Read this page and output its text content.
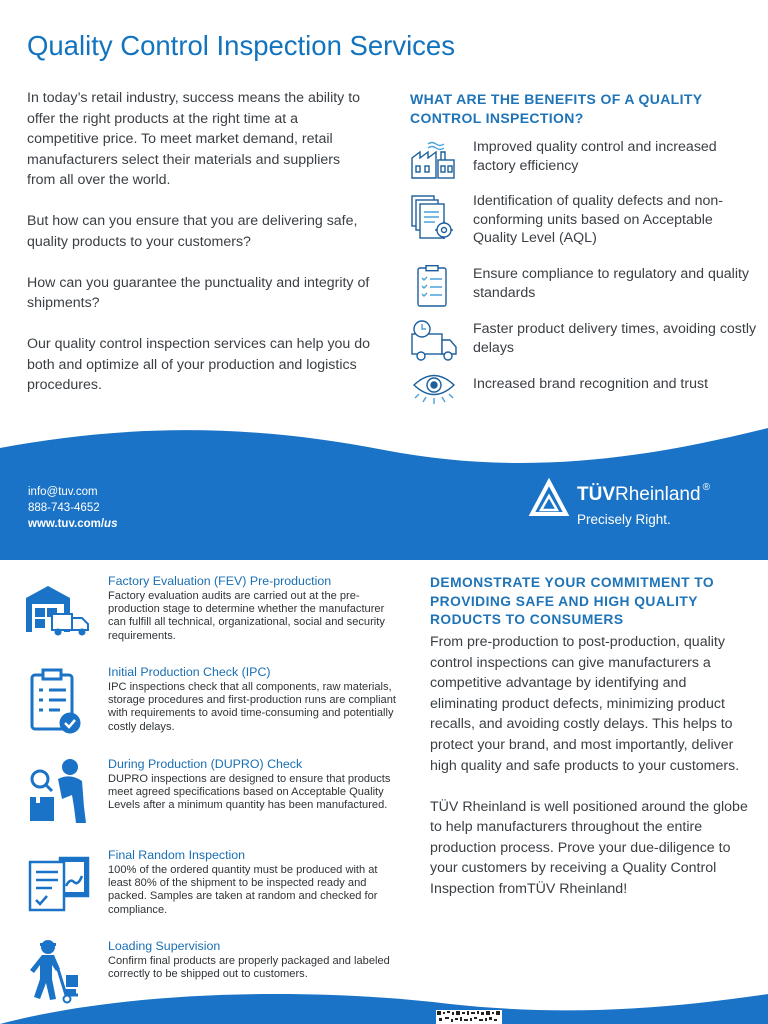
Quality Control Inspection Services

In today’s retail industry, success means the ability to offer the right products at the right time at a competitive price. To meet market demand, retail manufacturers select their materials and suppliers from all over the world.

But how can you ensure that you are delivering safe, quality products to your customers?

How can you guarantee the punctuality and integrity of shipments?

Our quality control inspection services can help you do both and optimize all of your production and logistics procedures.

WHAT ARE THE BENEFITS OF A QUALITY CONTROL INSPECTION?
Improved quality control and increased factory efficiency
Identification of quality defects and non-conforming units based on Acceptable Quality Level (AQL)
Ensure compliance to regulatory and quality standards
Faster product delivery times, avoiding costly delays
Increased brand recognition and trust
info@tuv.com
888-743-4652
www.tuv.com/us
TÜVRheinland ®
Precisely Right.
Factory Evaluation (FEV) Pre-production
Factory evaluation audits are carried out at the pre-production stage to determine whether the manufacturer can fulfill all technical, organizational, social and security requirements.
Initial Production Check (IPC)
IPC inspections check that all components, raw materials, storage procedures and first-production runs are compliant with requirements to avoid time-consuming and potentially costly delays.
During Production (DUPRO) Check
DUPRO inspections are designed to ensure that products meet agreed specifications based on Acceptable Quality Levels after a minimum quantity has been manufactured.
Final Random Inspection
100% of the ordered quantity must be produced with at least 80% of the shipment to be inspected ready and packed. Samples are taken at random and checked for compliance.
Loading Supervision
Confirm final products are properly packaged and labeled correctly to be shipped out to customers.
DEMONSTRATE YOUR COMMITMENT TO PROVIDING SAFE AND HIGH QUALITY RODUCTS TO CONSUMERS

From pre-production to post-production, quality control inspections can give manufacturers a competitive advantage by identifying and eliminating product defects, minimizing product recalls, and avoiding costly delays. This helps to protect your brand, and most importantly, deliver high quality and safe products to your customers.

TÜV Rheinland is well positioned around the globe to help manufacturers throughout the entire production process. Prove your due-diligence to your customers by receiving a Quality Control Inspection fromTÜV Rheinland!
